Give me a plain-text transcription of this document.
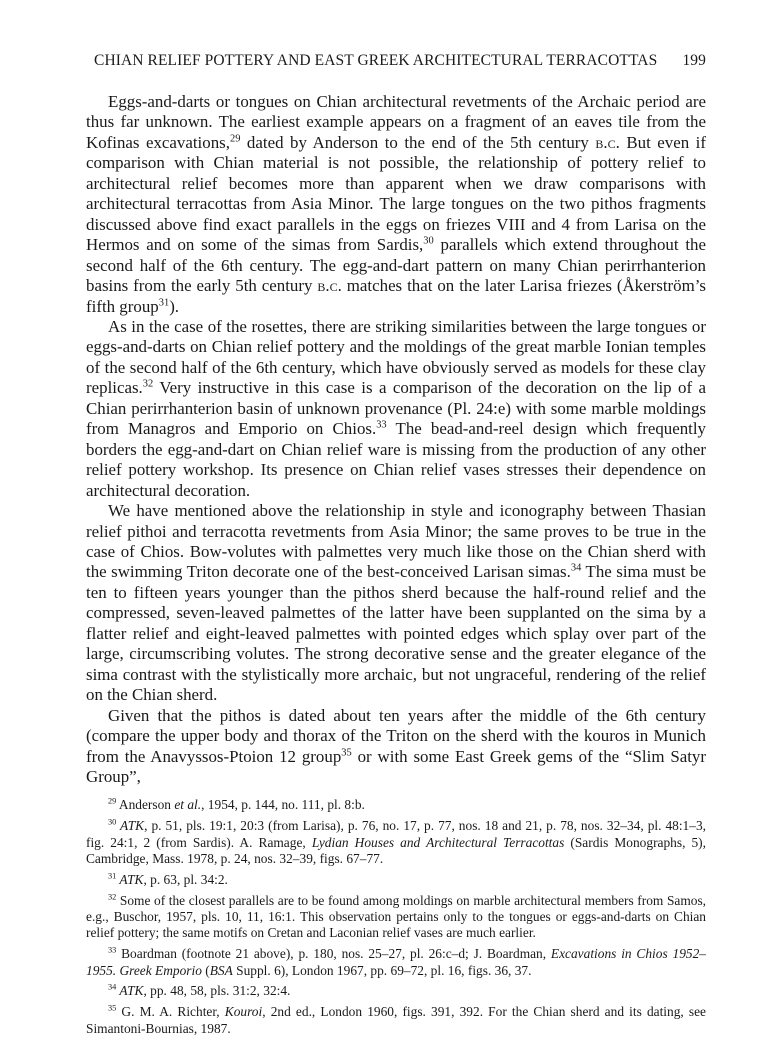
CHIAN RELIEF POTTERY AND EAST GREEK ARCHITECTURAL TERRACOTTAS 199

Eggs-and-darts or tongues on Chian architectural revetments of the Archaic period are thus far unknown. The earliest example appears on a fragment of an eaves tile from the Kofinas excavations,$^{29}$ dated by Anderson to the end of the 5th century b.c. But even if comparison with Chian material is not possible, the relationship of pottery relief to architectural relief becomes more than apparent when we draw comparisons with architectural terracottas from Asia Minor. The large tongues on the two pithos fragments discussed above find exact parallels in the eggs on friezes VIII and 4 from Larisa on the Hermos and on some of the simas from Sardis,$^{30}$ parallels which extend throughout the second half of the 6th century. The egg-and-dart pattern on many Chian perirrhanterion basins from the early 5th century b.c. matches that on the later Larisa friezes (Åkerström’s fifth group$^{31}$).

As in the case of the rosettes, there are striking similarities between the large tongues or eggs-and-darts on Chian relief pottery and the moldings of the great marble Ionian temples of the second half of the 6th century, which have obviously served as models for these clay replicas.$^{32}$ Very instructive in this case is a comparison of the decoration on the lip of a Chian perirrhanterion basin of unknown provenance (Pl. 24:e) with some marble moldings from Managros and Emporio on Chios.$^{33}$ The bead-and-reel design which frequently borders the egg-and-dart on Chian relief ware is missing from the production of any other relief pottery workshop. Its presence on Chian relief vases stresses their dependence on architectural decoration.

We have mentioned above the relationship in style and iconography between Thasian relief pithoi and terracotta revetments from Asia Minor; the same proves to be true in the case of Chios. Bow-volutes with palmettes very much like those on the Chian sherd with the swimming Triton decorate one of the best-conceived Larisan simas.$^{34}$ The sima must be ten to fifteen years younger than the pithos sherd because the half-round relief and the compressed, seven-leaved palmettes of the latter have been supplanted on the sima by a flatter relief and eight-leaved palmettes with pointed edges which splay over part of the large, circumscribing volutes. The strong decorative sense and the greater elegance of the sima contrast with the stylistically more archaic, but not ungraceful, rendering of the relief on the Chian sherd.

Given that the pithos is dated about ten years after the middle of the 6th century (compare the upper body and thorax of the Triton on the sherd with the kouros in Munich from the Anavyssos-Ptoion 12 group$^{35}$ or with some East Greek gems of the “Slim Satyr Group”,

$^{29}$ Anderson et al., 1954, p. 144, no. 111, pl. 8:b.

$^{30}$ ATK, p. 51, pls. 19:1, 20:3 (from Larisa), p. 76, no. 17, p. 77, nos. 18 and 21, p. 78, nos. 32–34, pl. 48:1–3, fig. 24:1, 2 (from Sardis). A. Ramage, Lydian Houses and Architectural Terracottas (Sardis Monographs, 5), Cambridge, Mass. 1978, p. 24, nos. 32–39, figs. 67–77.

$^{31}$ ATK, p. 63, pl. 34:2.

$^{32}$ Some of the closest parallels are to be found among moldings on marble architectural members from Samos, e.g., Buschor, 1957, pls. 10, 11, 16:1. This observation pertains only to the tongues or eggs-and-darts on Chian relief pottery; the same motifs on Cretan and Laconian relief vases are much earlier.

$^{33}$ Boardman (footnote 21 above), p. 180, nos. 25–27, pl. 26:c–d; J. Boardman, Excavations in Chios 1952–1955. Greek Emporio (BSA Suppl. 6), London 1967, pp. 69–72, pl. 16, figs. 36, 37.

$^{34}$ ATK, pp. 48, 58, pls. 31:2, 32:4.

$^{35}$ G. M. A. Richter, Kouroi, 2nd ed., London 1960, figs. 391, 392. For the Chian sherd and its dating, see Simantoni-Bournias, 1987.
